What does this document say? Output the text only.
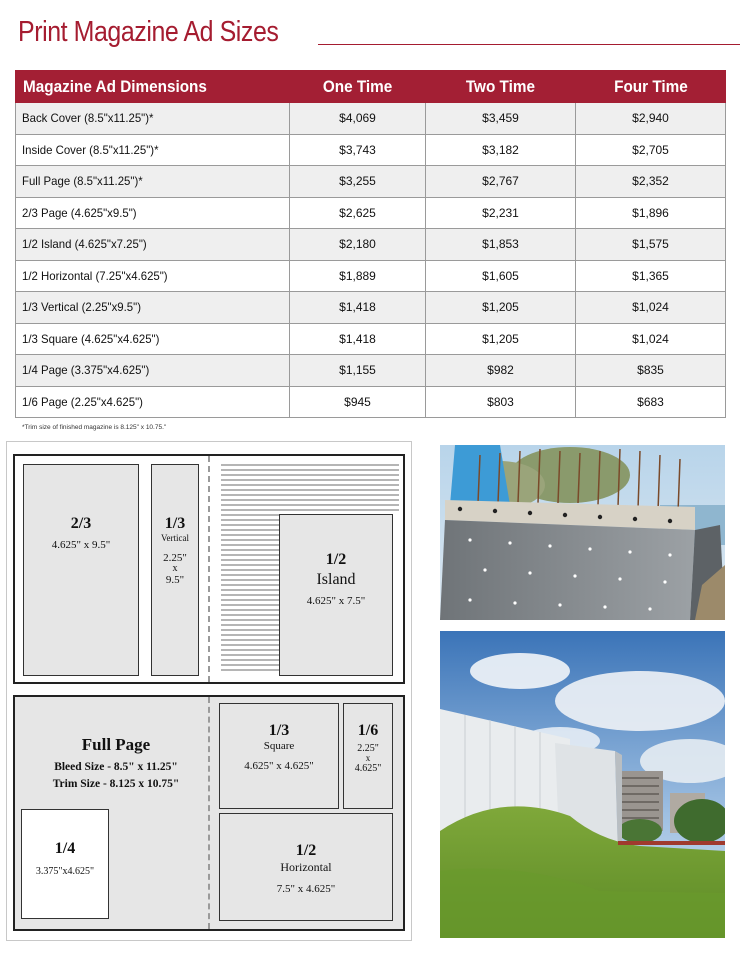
Print Magazine Ad Sizes
Magazine Ad Dimensions	One Time	Two Time	Four Time
Back Cover (8.5"x11.25")*	$4,069	$3,459	$2,940
Inside Cover (8.5"x11.25")*	$3,743	$3,182	$2,705
Full Page (8.5"x11.25")*	$3,255	$2,767	$2,352
2/3 Page (4.625"x9.5")	$2,625	$2,231	$1,896
1/2 Island (4.625"x7.25")	$2,180	$1,853	$1,575
1/2 Horizontal (7.25"x4.625")	$1,889	$1,605	$1,365
1/3 Vertical (2.25"x9.5")	$1,418	$1,205	$1,024
1/3 Square (4.625"x4.625")	$1,418	$1,205	$1,024
1/4 Page (3.375"x4.625")	$1,155	$982	$835
1/6 Page (2.25"x4.625")	$945	$803	$683
*Trim size of finished magazine is 8.125" x 10.75."
2/3
4.625" x 9.5"
1/3
Vertical
2.25"
x
9.5"
1/2
Island
4.625" x 7.5"
Full Page
Bleed Size - 8.5" x 11.25"
Trim Size - 8.125 x 10.75"
1/4
3.375"x4.625"
1/3
Square
4.625" x 4.625"
1/6
2.25"
x
4.625"
1/2
Horizontal
7.5" x 4.625"
